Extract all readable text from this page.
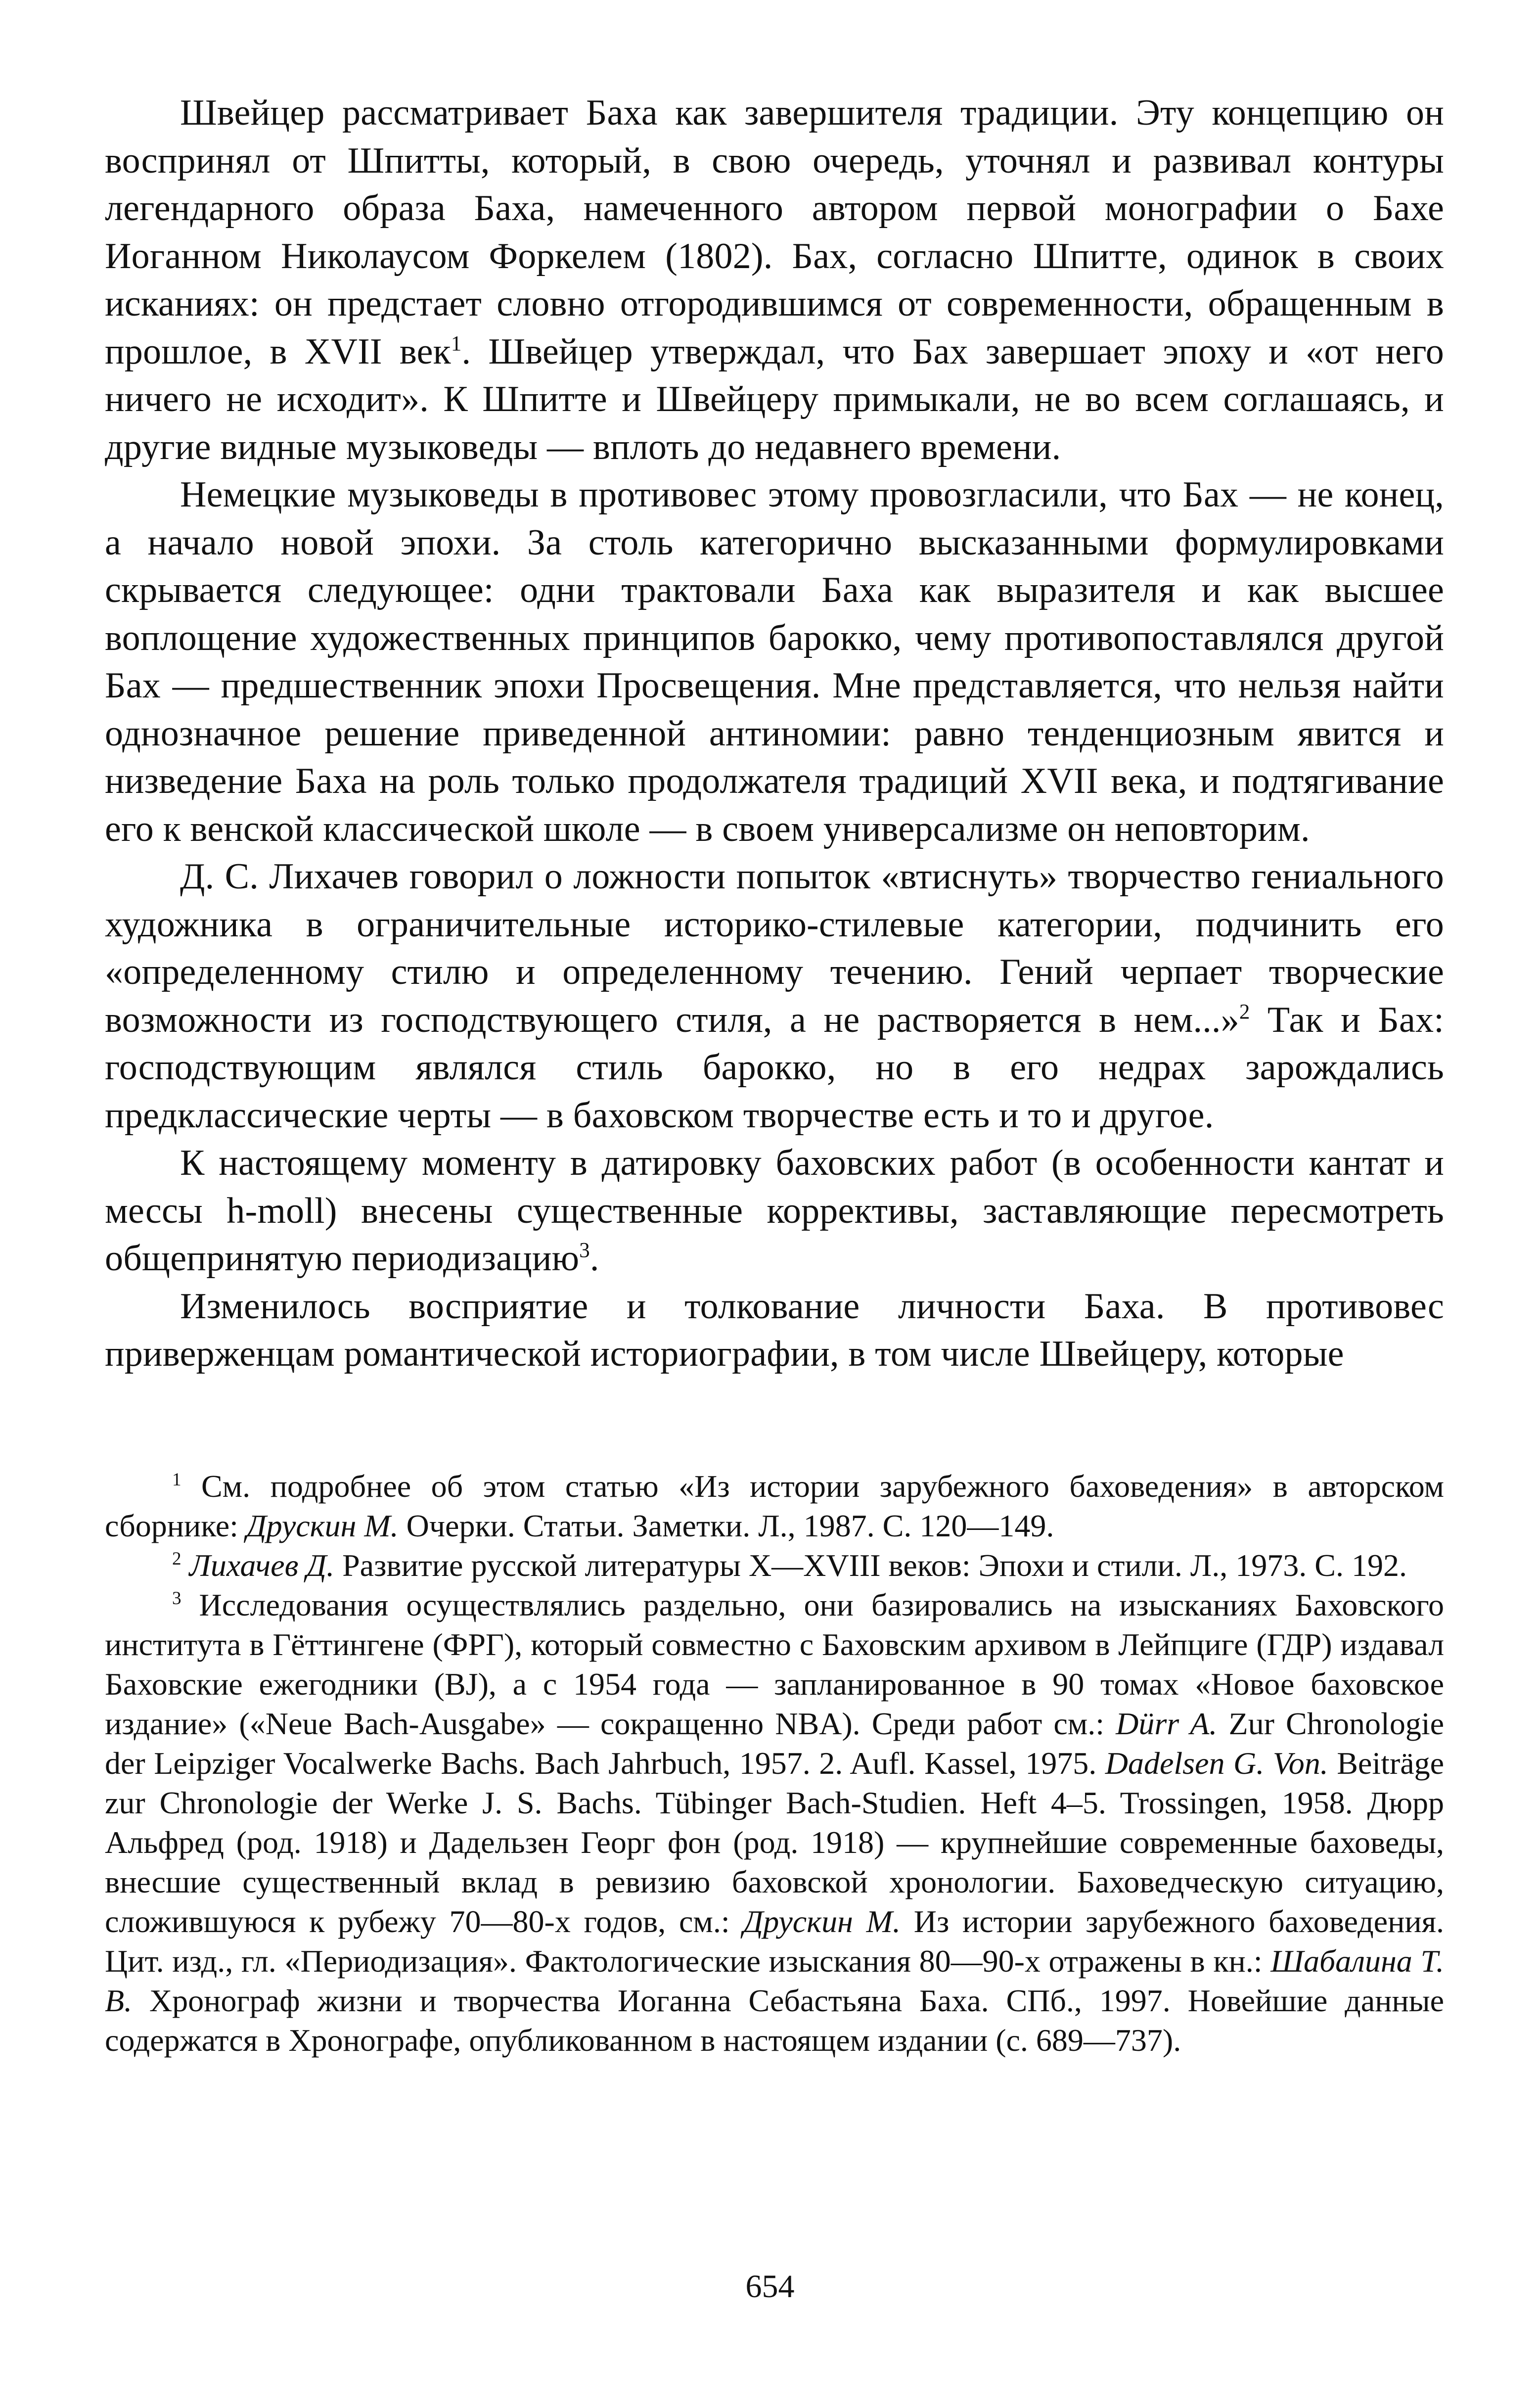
Швейцер рассматривает Баха как завершителя традиции. Эту концепцию он воспринял от Шпитты, который, в свою очередь, уточнял и развивал контуры легендарного образа Баха, намеченного автором первой монографии о Бахе Иоганном Николаусом Форкелем (1802). Бах, согласно Шпитте, одинок в своих исканиях: он предстает словно отгородившимся от современности, обращенным в прошлое, в XVII век$^1$. Швейцер утверждал, что Бах завершает эпоху и «от него ничего не исходит». К Шпитте и Швейцеру примыкали, не во всем соглашаясь, и другие видные музыковеды — вплоть до недавнего времени.

Немецкие музыковеды в противовес этому провозгласили, что Бах — не конец, а начало новой эпохи. За столь категорично высказанными формулировками скрывается следующее: одни трактовали Баха как выразителя и как высшее воплощение художественных принципов барокко, чему противопоставлялся другой Бах — предшественник эпохи Просвещения. Мне представляется, что нельзя найти однозначное решение приведенной антиномии: равно тенденциозным явится и низведение Баха на роль только продолжателя традиций XVII века, и подтягивание его к венской классической школе — в своем универсализме он неповторим.

Д. С. Лихачев говорил о ложности попыток «втиснуть» творчество гениального художника в ограничительные историко-стилевые категории, подчинить его «определенному стилю и определенному течению. Гений черпает творческие возможности из господствующего стиля, а не растворяется в нем...»$^2$ Так и Бах: господствующим являлся стиль барокко, но в его недрах зарождались предклассические черты — в баховском творчестве есть и то и другое.

К настоящему моменту в датировку баховских работ (в особенности кантат и мессы h-moll) внесены существенные коррективы, заставляющие пересмотреть общепринятую периодизацию$^3$.

Изменилось восприятие и толкование личности Баха. В противовес приверженцам романтической историографии, в том числе Швейцеру, которые

$^1$ См. подробнее об этом статью «Из истории зарубежного баховедения» в авторском сборнике: Друскин М. Очерки. Статьи. Заметки. Л., 1987. С. 120—149.

$^2$ Лихачев Д. Развитие русской литературы X—XVIII веков: Эпохи и стили. Л., 1973. С. 192.

$^3$ Исследования осуществлялись раздельно, они базировались на изысканиях Баховского института в Гёттингене (ФРГ), который совместно с Баховским архивом в Лейпциге (ГДР) издавал Баховские ежегодники (BJ), а с 1954 года — запланированное в 90 томах «Новое баховское издание» («Neue Bach-Ausgabe» — сокращенно NBA). Среди работ см.: Dürr A. Zur Chronologie der Leipziger Vocalwerke Bachs. Bach Jahrbuch, 1957. 2. Aufl. Kassel, 1975. Dadelsen G. Von. Beiträge zur Chronologie der Werke J. S. Bachs. Tübinger Bach-Studien. Heft 4–5. Trossingen, 1958. Дюрр Альфред (род. 1918) и Дадельзен Георг фон (род. 1918) — крупнейшие современные баховеды, внесшие существенный вклад в ревизию баховской хронологии. Баховедческую ситуацию, сложившуюся к рубежу 70—80-х годов, см.: Друскин М. Из истории зарубежного баховедения. Цит. изд., гл. «Периодизация». Фактологические изыскания 80—90-х отражены в кн.: Шабалина Т. В. Хронограф жизни и творчества Иоганна Себастьяна Баха. СПб., 1997. Новейшие данные содержатся в Хронографе, опубликованном в настоящем издании (с. 689—737).

654
